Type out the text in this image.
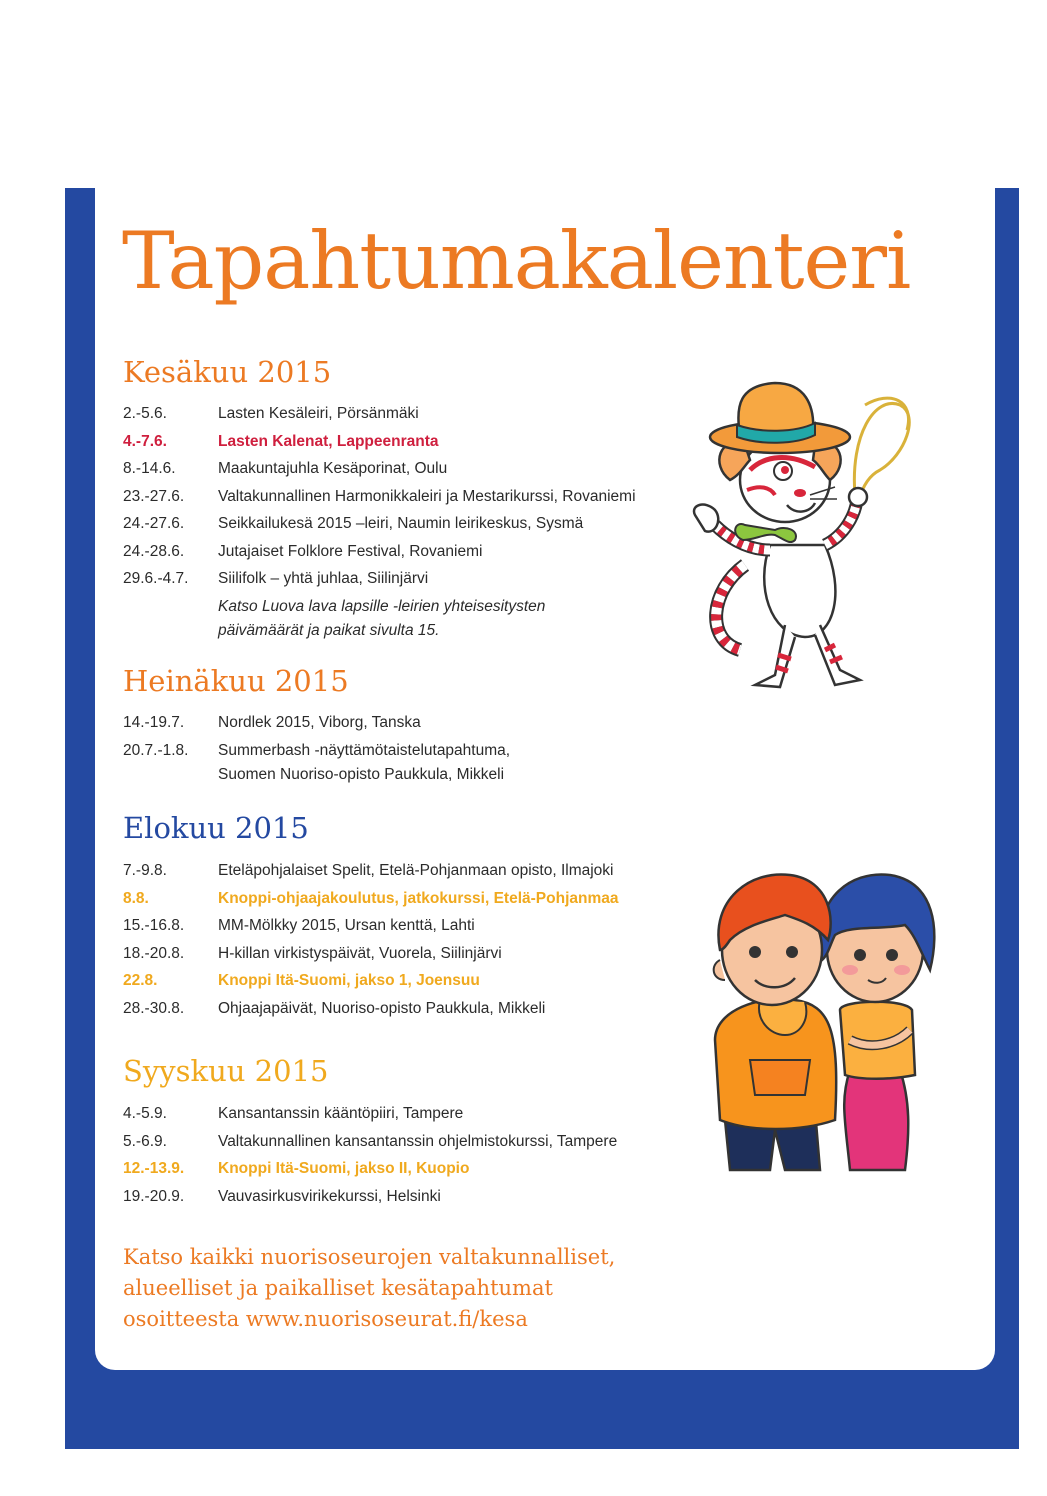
Tapahtumakalenteri
Kesäkuu 2015
2.-5.6.	Lasten Kesäleiri, Pörsänmäki
4.-7.6.	Lasten Kalenat, Lappeenranta
8.-14.6.	Maakuntajuhla Kesäporinat, Oulu
23.-27.6.	Valtakunnallinen Harmonikkaleiri ja Mestarikurssi, Rovaniemi
24.-27.6.	Seikkailukesä 2015 –leiri, Naumin leirikeskus, Sysmä
24.-28.6.	Jutajaiset Folklore Festival, Rovaniemi
29.6.-4.7.	Siilifolk – yhtä juhlaa, Siilinjärvi
Katso Luova lava lapsille -leirien yhteisesitysten
päivämäärät ja paikat sivulta 15.
Heinäkuu 2015
14.-19.7.	Nordlek 2015, Viborg, Tanska
20.7.-1.8.	Summerbash -näyttämötaistelutapahtuma,
Suomen Nuoriso-opisto Paukkula, Mikkeli
Elokuu 2015
7.-9.8.	Eteläpohjalaiset Spelit, Etelä-Pohjanmaan opisto, Ilmajoki
8.8.	Knoppi-ohjaajakoulutus, jatkokurssi, Etelä-Pohjanmaa
15.-16.8.	MM-Mölkky 2015, Ursan kenttä, Lahti
18.-20.8.	H-killan virkistyspäivät, Vuorela, Siilinjärvi
22.8.	Knoppi Itä-Suomi, jakso 1, Joensuu
28.-30.8.	Ohjaajapäivät, Nuoriso-opisto Paukkula, Mikkeli
Syyskuu 2015
4.-5.9.	Kansantanssin kääntöpiiri, Tampere
5.-6.9.	Valtakunnallinen kansantanssin ohjelmistokurssi, Tampere
12.-13.9.	Knoppi Itä-Suomi, jakso II, Kuopio
19.-20.9.	Vauvasirkusvirikekurssi, Helsinki

Katso kaikki nuorisoseurojen valtakunnalliset,
alueelliset ja paikalliset kesätapahtumat
osoitteesta www.nuorisoseurat.fi/kesa
